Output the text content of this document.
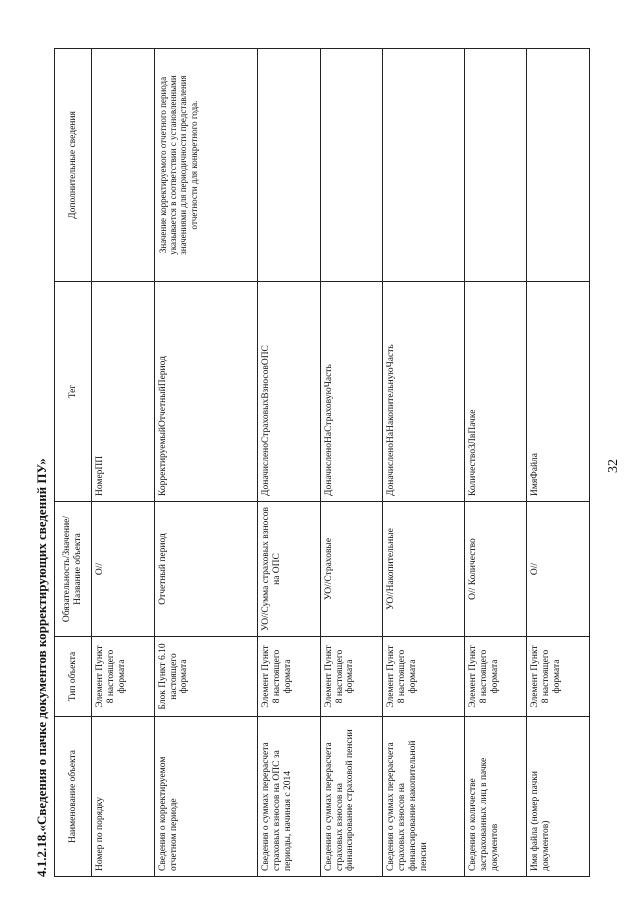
4.1.2.18.«Сведения о пачке документов корректирующих сведений ПУ» Наименование объекта	Тип объекта	Обязательность/Значение/Название объекта	Тег	Дополнительные сведения
Номер по порядку	Элемент Пункт 8 настоящего формата	О//	НомерПП	
Сведения о корректируемом отчетном периоде	Блок Пункт 6.10 настоящего формата	Отчетный период	КорректируемыйОтчетныйПериод	Значение корректируемого отчетного периода указывается в соответствии с установленными значениями для периодичности представления отчетности для конкретного года.
Сведения о суммах перерасчета страховых взносов на ОПС за периоды, начиная с 2014	Элемент Пункт 8 настоящего формата	УО//Сумма страховых взносов на ОПС	ДоначисленоСтраховыхВзносовОПС	
Сведения о суммах перерасчета страховых взносов на финансирование страховой пенсии	Элемент Пункт 8 настоящего формата	УО//Страховые	ДоначисленоНаСтраховуюЧасть	
Сведения о суммах перерасчета страховых взносов на финансирование накопительной пенсии	Элемент Пункт 8 настоящего формата	УО//Накопительные	ДоначисленоНаНакопительнуюЧасть	
Сведения о количестве застрахованных лиц в пачке документов	Элемент Пункт 8 настоящего формата	О// Количество	КоличествоЗЛвПачке	
Имя файла (номер пачки документов)	Элемент Пункт 8 настоящего формата	О//	ИмяФайла		32
